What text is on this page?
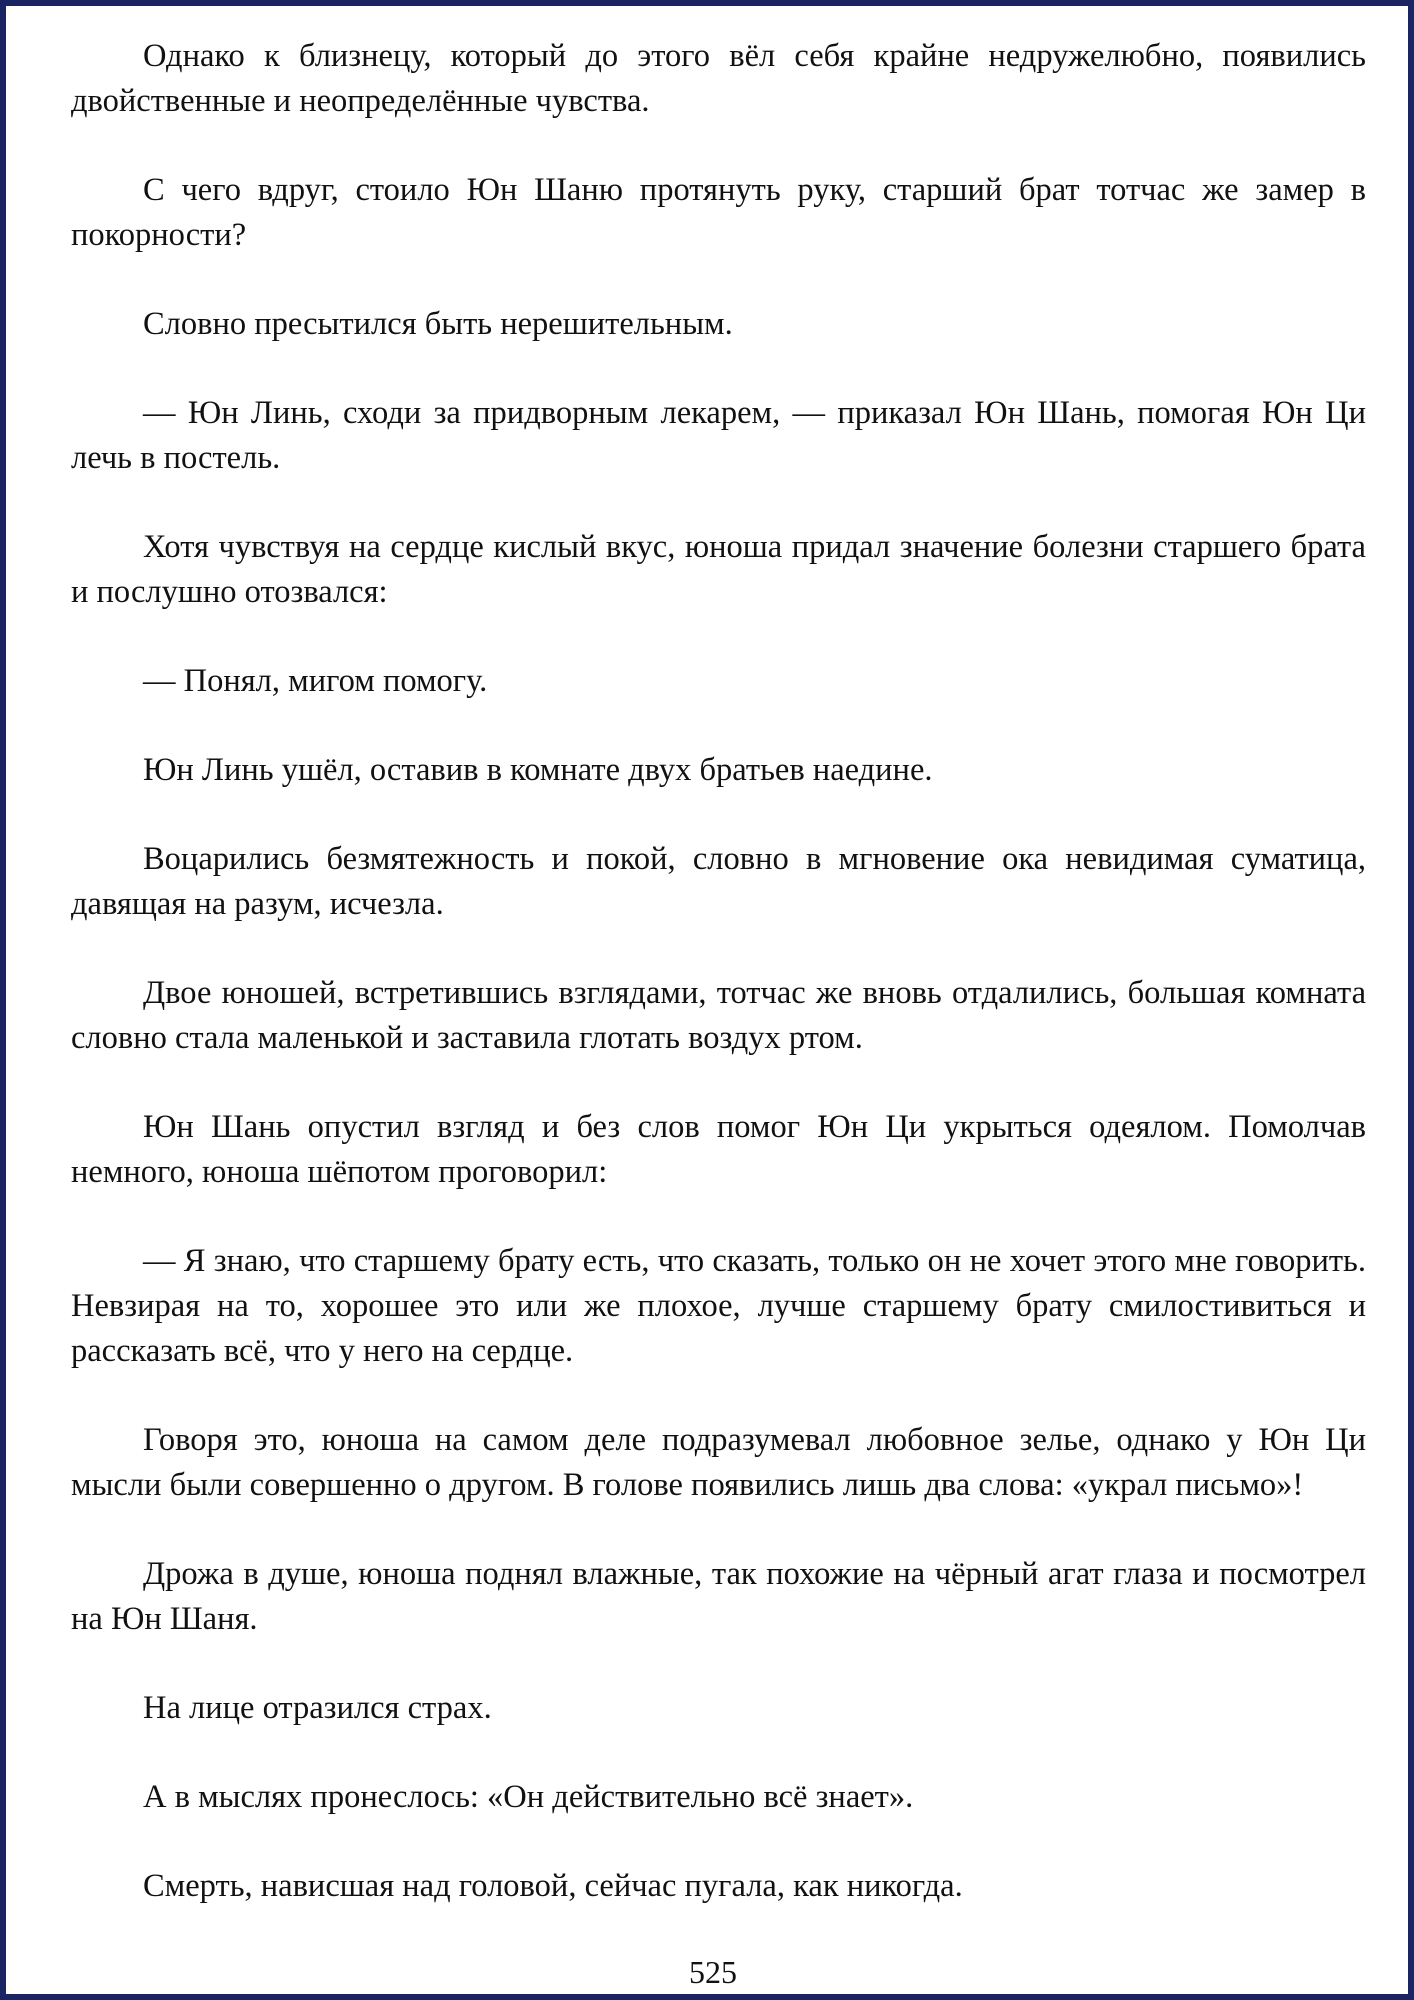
Однако к близнецу, который до этого вёл себя крайне недружелюбно, появились двойственные и неопределённые чувства.

С чего вдруг, стоило Юн Шаню протянуть руку, старший брат тотчас же замер в покорности?

Словно пресытился быть нерешительным.

— Юн Линь, сходи за придворным лекарем, — приказал Юн Шань, помогая Юн Ци лечь в постель.

Хотя чувствуя на сердце кислый вкус, юноша придал значение болезни старшего брата и послушно отозвался:

— Понял, мигом помогу.

Юн Линь ушёл, оставив в комнате двух братьев наедине.

Воцарились безмятежность и покой, словно в мгновение ока невидимая суматица, давящая на разум, исчезла.

Двое юношей, встретившись взглядами, тотчас же вновь отдалились, большая комната словно стала маленькой и заставила глотать воздух ртом.

Юн Шань опустил взгляд и без слов помог Юн Ци укрыться одеялом. Помолчав немного, юноша шёпотом проговорил:

— Я знаю, что старшему брату есть, что сказать, только он не хочет этого мне говорить. Невзирая на то, хорошее это или же плохое, лучше старшему брату смилостивиться и рассказать всё, что у него на сердце.

Говоря это, юноша на самом деле подразумевал любовное зелье, однако у Юн Ци мысли были совершенно о другом. В голове появились лишь два слова: «украл письмо»!

Дрожа в душе, юноша поднял влажные, так похожие на чёрный агат глаза и посмотрел на Юн Шаня.

На лице отразился страх.

А в мыслях пронеслось: «Он действительно всё знает».

Смерть, нависшая над головой, сейчас пугала, как никогда.

525
